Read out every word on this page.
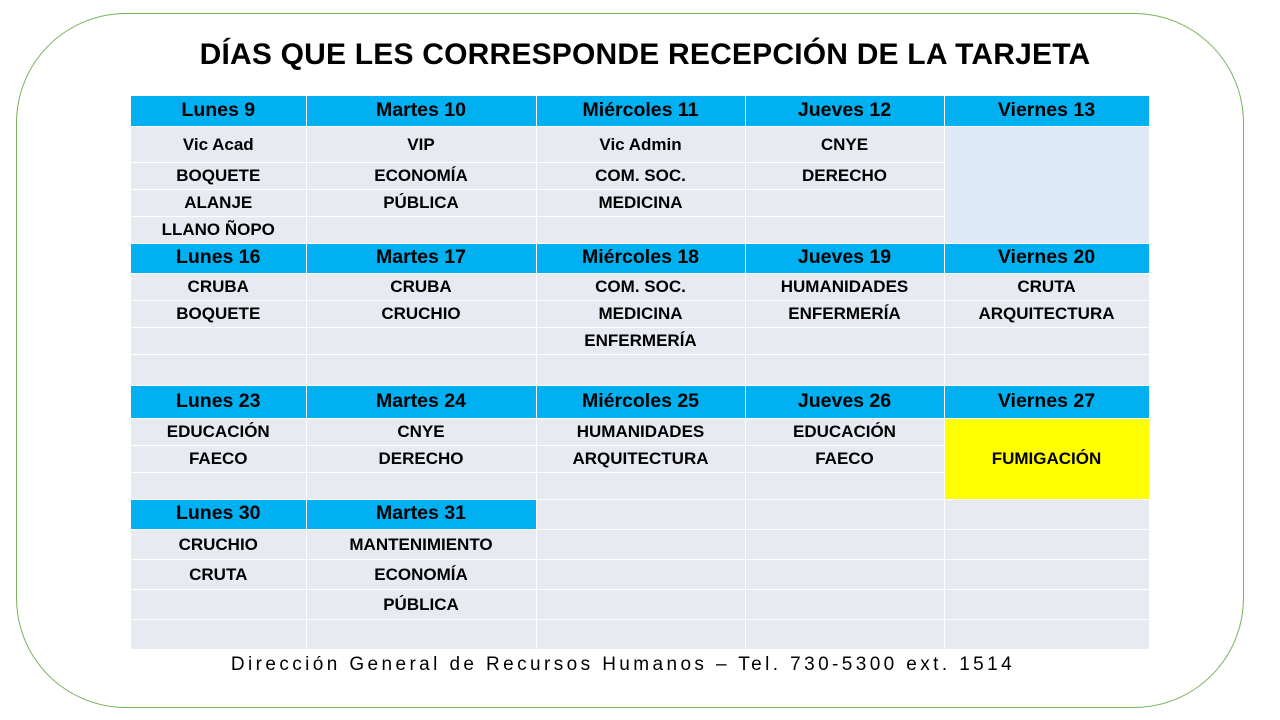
DÍAS QUE LES CORRESPONDE RECEPCIÓN DE LA TARJETA
Lunes 9	Martes 10	Miércoles 11	Jueves 12	Viernes 13
Vic Acad	VIP	Vic Admin	CNYE	
BOQUETE	ECONOMÍA	COM. SOC.	DERECHO	
ALANJE	PÚBLICA	MEDICINA		
LLANO ÑOPO				
Lunes 16	Martes 17	Miércoles 18	Jueves 19	Viernes 20
CRUBA	CRUBA	COM. SOC.	HUMANIDADES	CRUTA
BOQUETE	CRUCHIO	MEDICINA	ENFERMERÍA	ARQUITECTURA
		ENFERMERÍA		

Lunes 23	Martes 24	Miércoles 25	Jueves 26	Viernes 27
EDUCACIÓN	CNYE	HUMANIDADES	EDUCACIÓN	FUMIGACIÓN
FAECO	DERECHO	ARQUITECTURA	FAECO	

Lunes 30	Martes 31			
CRUCHIO	MANTENIMIENTO			
CRUTA	ECONOMÍA			
	PÚBLICA			

Dirección General de Recursos Humanos – Tel. 730-5300 ext. 1514
